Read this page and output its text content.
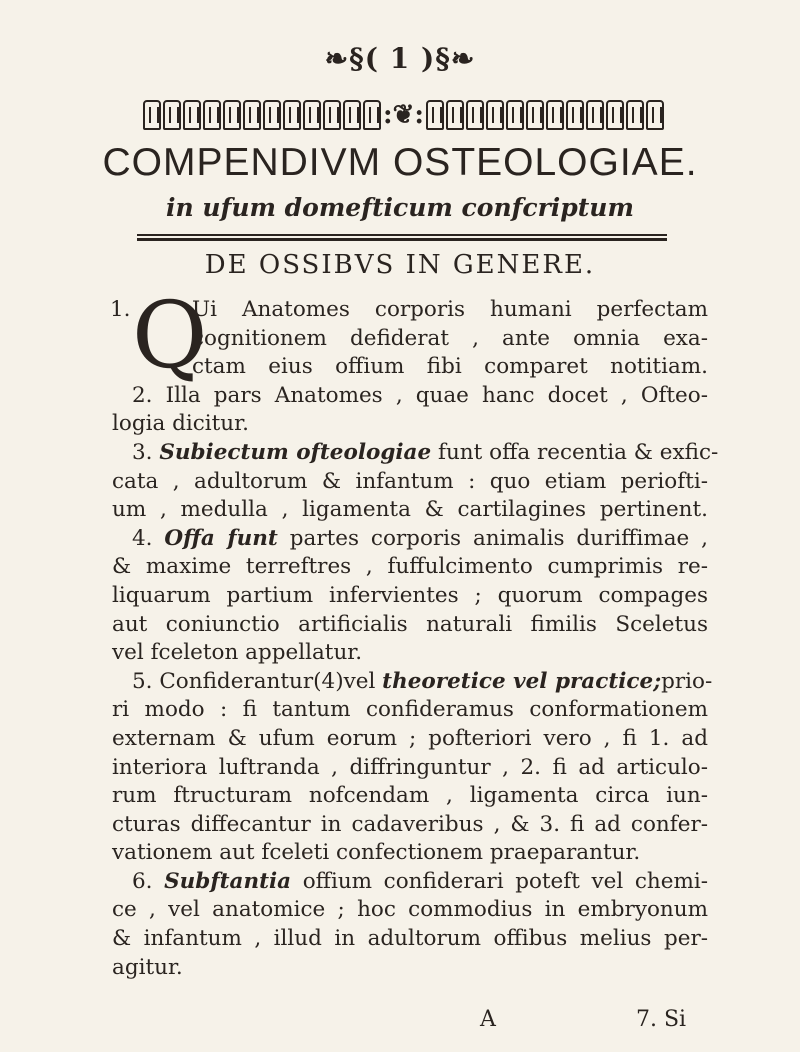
❧§( 1 )§❧
:❦:
COMPENDIVM OSTEOLOGIAE.
in ufum domefticum confcriptum
DE OSSIBVS IN GENERE.
1. Q
Ui Anatomes corporis humani perfectam
cognitionem defiderat , ante omnia exa-
ctam eius offium fibi comparet notitiam.
2. Illa pars Anatomes , quae hanc docet , Ofteo-
logia dicitur.
3. Subiectum ofteologiae funt offa recentia & exfic-
cata , adultorum & infantum : quo etiam periofti-
um , medulla , ligamenta & cartilagines pertinent.
4. Offa funt partes corporis animalis duriffimae ,
& maxime terreftres , fuffulcimento cumprimis re-
liquarum partium infervientes ; quorum compages
aut coniunctio artificialis naturali fimilis Sceletus
vel fceleton appellatur.
5. Confiderantur(4)vel theoretice vel practice;prio-
ri modo : fi tantum confideramus conformationem
externam & ufum eorum ; pofteriori vero , fi 1. ad
interiora luftranda , diffringuntur , 2. fi ad articulo-
rum ftructuram nofcendam , ligamenta circa iun-
cturas diffecantur in cadaveribus , & 3. fi ad confer-
vationem aut fceleti confectionem praeparantur.
6. Subftantia offium confiderari poteft vel chemi-
ce , vel anatomice ; hoc commodius in embryonum
& infantum , illud in adultorum offibus melius per-
agitur.
A	7. Si
